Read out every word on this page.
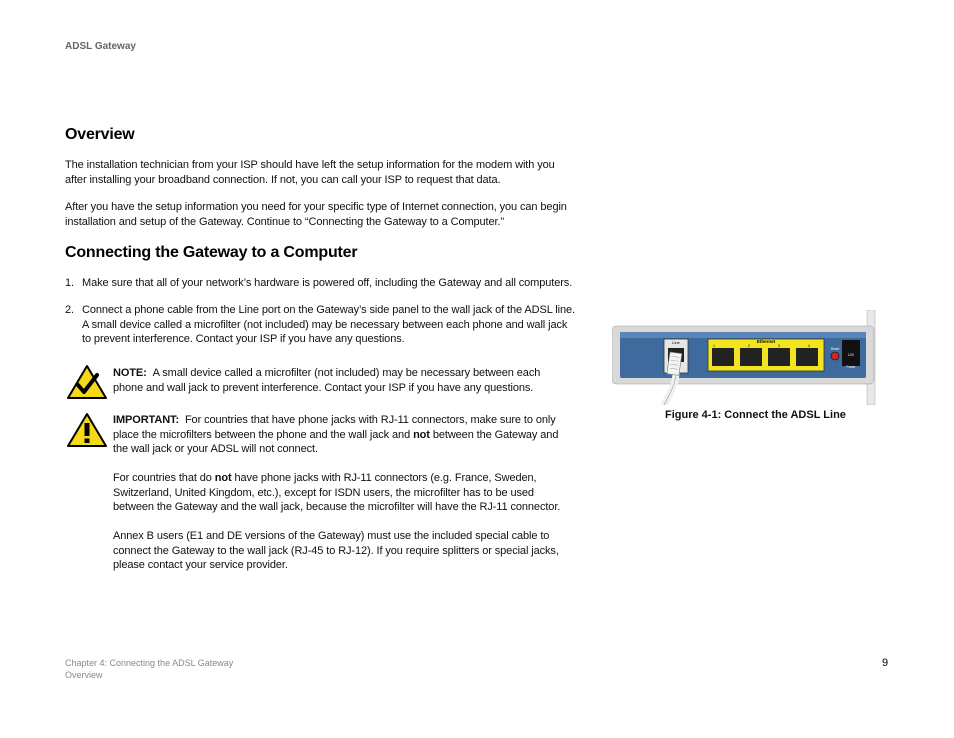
ADSL Gateway
Overview
The installation technician from your ISP should have left the setup information for the modem with you after installing your broadband connection. If not, you can call your ISP to request that data.
After you have the setup information you need for your specific type of Internet connection, you can begin installation and setup of the Gateway. Continue to “Connecting the Gateway to a Computer.”
Connecting the Gateway to a Computer
1. Make sure that all of your network’s hardware is powered off, including the Gateway and all computers.
2. Connect a phone cable from the Line port on the Gateway’s side panel to the wall jack of the ADSL line. A small device called a microfilter (not included) may be necessary between each phone and wall jack to prevent interference. Contact your ISP if you have any questions.
NOTE: A small device called a microfilter (not included) may be necessary between each phone and wall jack to prevent interference. Contact your ISP if you have any questions.
IMPORTANT: For countries that have phone jacks with RJ-11 connectors, make sure to only place the microfilters between the phone and the wall jack and not between the Gateway and the wall jack or your ADSL will not connect.
For countries that do not have phone jacks with RJ-11 connectors (e.g. France, Sweden, Switzerland, United Kingdom, etc.), except for ISDN users, the microfilter has to be used between the Gateway and the wall jack, because the microfilter will have the RJ-11 connector.
Annex B users (E1 and DE versions of the Gateway) must use the included special cable to connect the Gateway to the wall jack (RJ-45 to RJ-12). If you require splitters or special jacks, please contact your service provider.
Line	Ethernet
1	2	3	4
Reset
12V
Power
Figure 4-1: Connect the ADSL Line
Chapter 4: Connecting the ADSL Gateway
Overview
9
